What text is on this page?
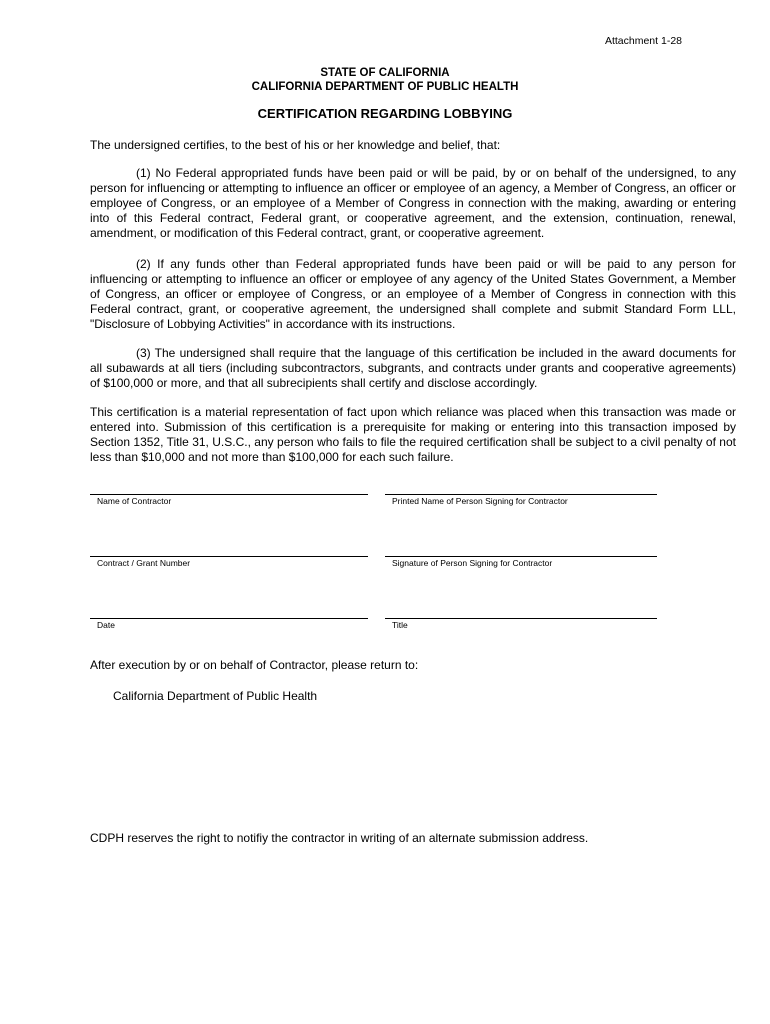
Attachment 1-28
STATE OF CALIFORNIA
CALIFORNIA DEPARTMENT OF PUBLIC HEALTH
CERTIFICATION REGARDING LOBBYING
The undersigned certifies, to the best of his or her knowledge and belief, that:
(1) No Federal appropriated funds have been paid or will be paid, by or on behalf of the undersigned, to any person for influencing or attempting to influence an officer or employee of an agency, a Member of Congress, an officer or employee of Congress, or an employee of a Member of Congress in connection with the making, awarding or entering into of this Federal contract, Federal grant, or cooperative agreement, and the extension, continuation, renewal, amendment, or modification of this Federal contract, grant, or cooperative agreement.
(2) If any funds other than Federal appropriated funds have been paid or will be paid to any person for influencing or attempting to influence an officer or employee of any agency of the United States Government, a Member of Congress, an officer or employee of Congress, or an employee of a Member of Congress in connection with this Federal contract, grant, or cooperative agreement, the undersigned shall complete and submit Standard Form LLL, "Disclosure of Lobbying Activities" in accordance with its instructions.
(3) The undersigned shall require that the language of this certification be included in the award documents for all subawards at all tiers (including subcontractors, subgrants, and contracts under grants and cooperative agreements) of $100,000 or more, and that all subrecipients shall certify and disclose accordingly.
This certification is a material representation of fact upon which reliance was placed when this transaction was made or entered into. Submission of this certification is a prerequisite for making or entering into this transaction imposed by Section 1352, Title 31, U.S.C., any person who fails to file the required certification shall be subject to a civil penalty of not less than $10,000 and not more than $100,000 for each such failure.
Name of Contractor	Printed Name of Person Signing for Contractor
Contract / Grant Number	Signature of Person Signing for Contractor
Date	Title
After execution by or on behalf of Contractor, please return to:
California Department of Public Health
CDPH reserves the right to notifiy the contractor in writing of an alternate submission address.
